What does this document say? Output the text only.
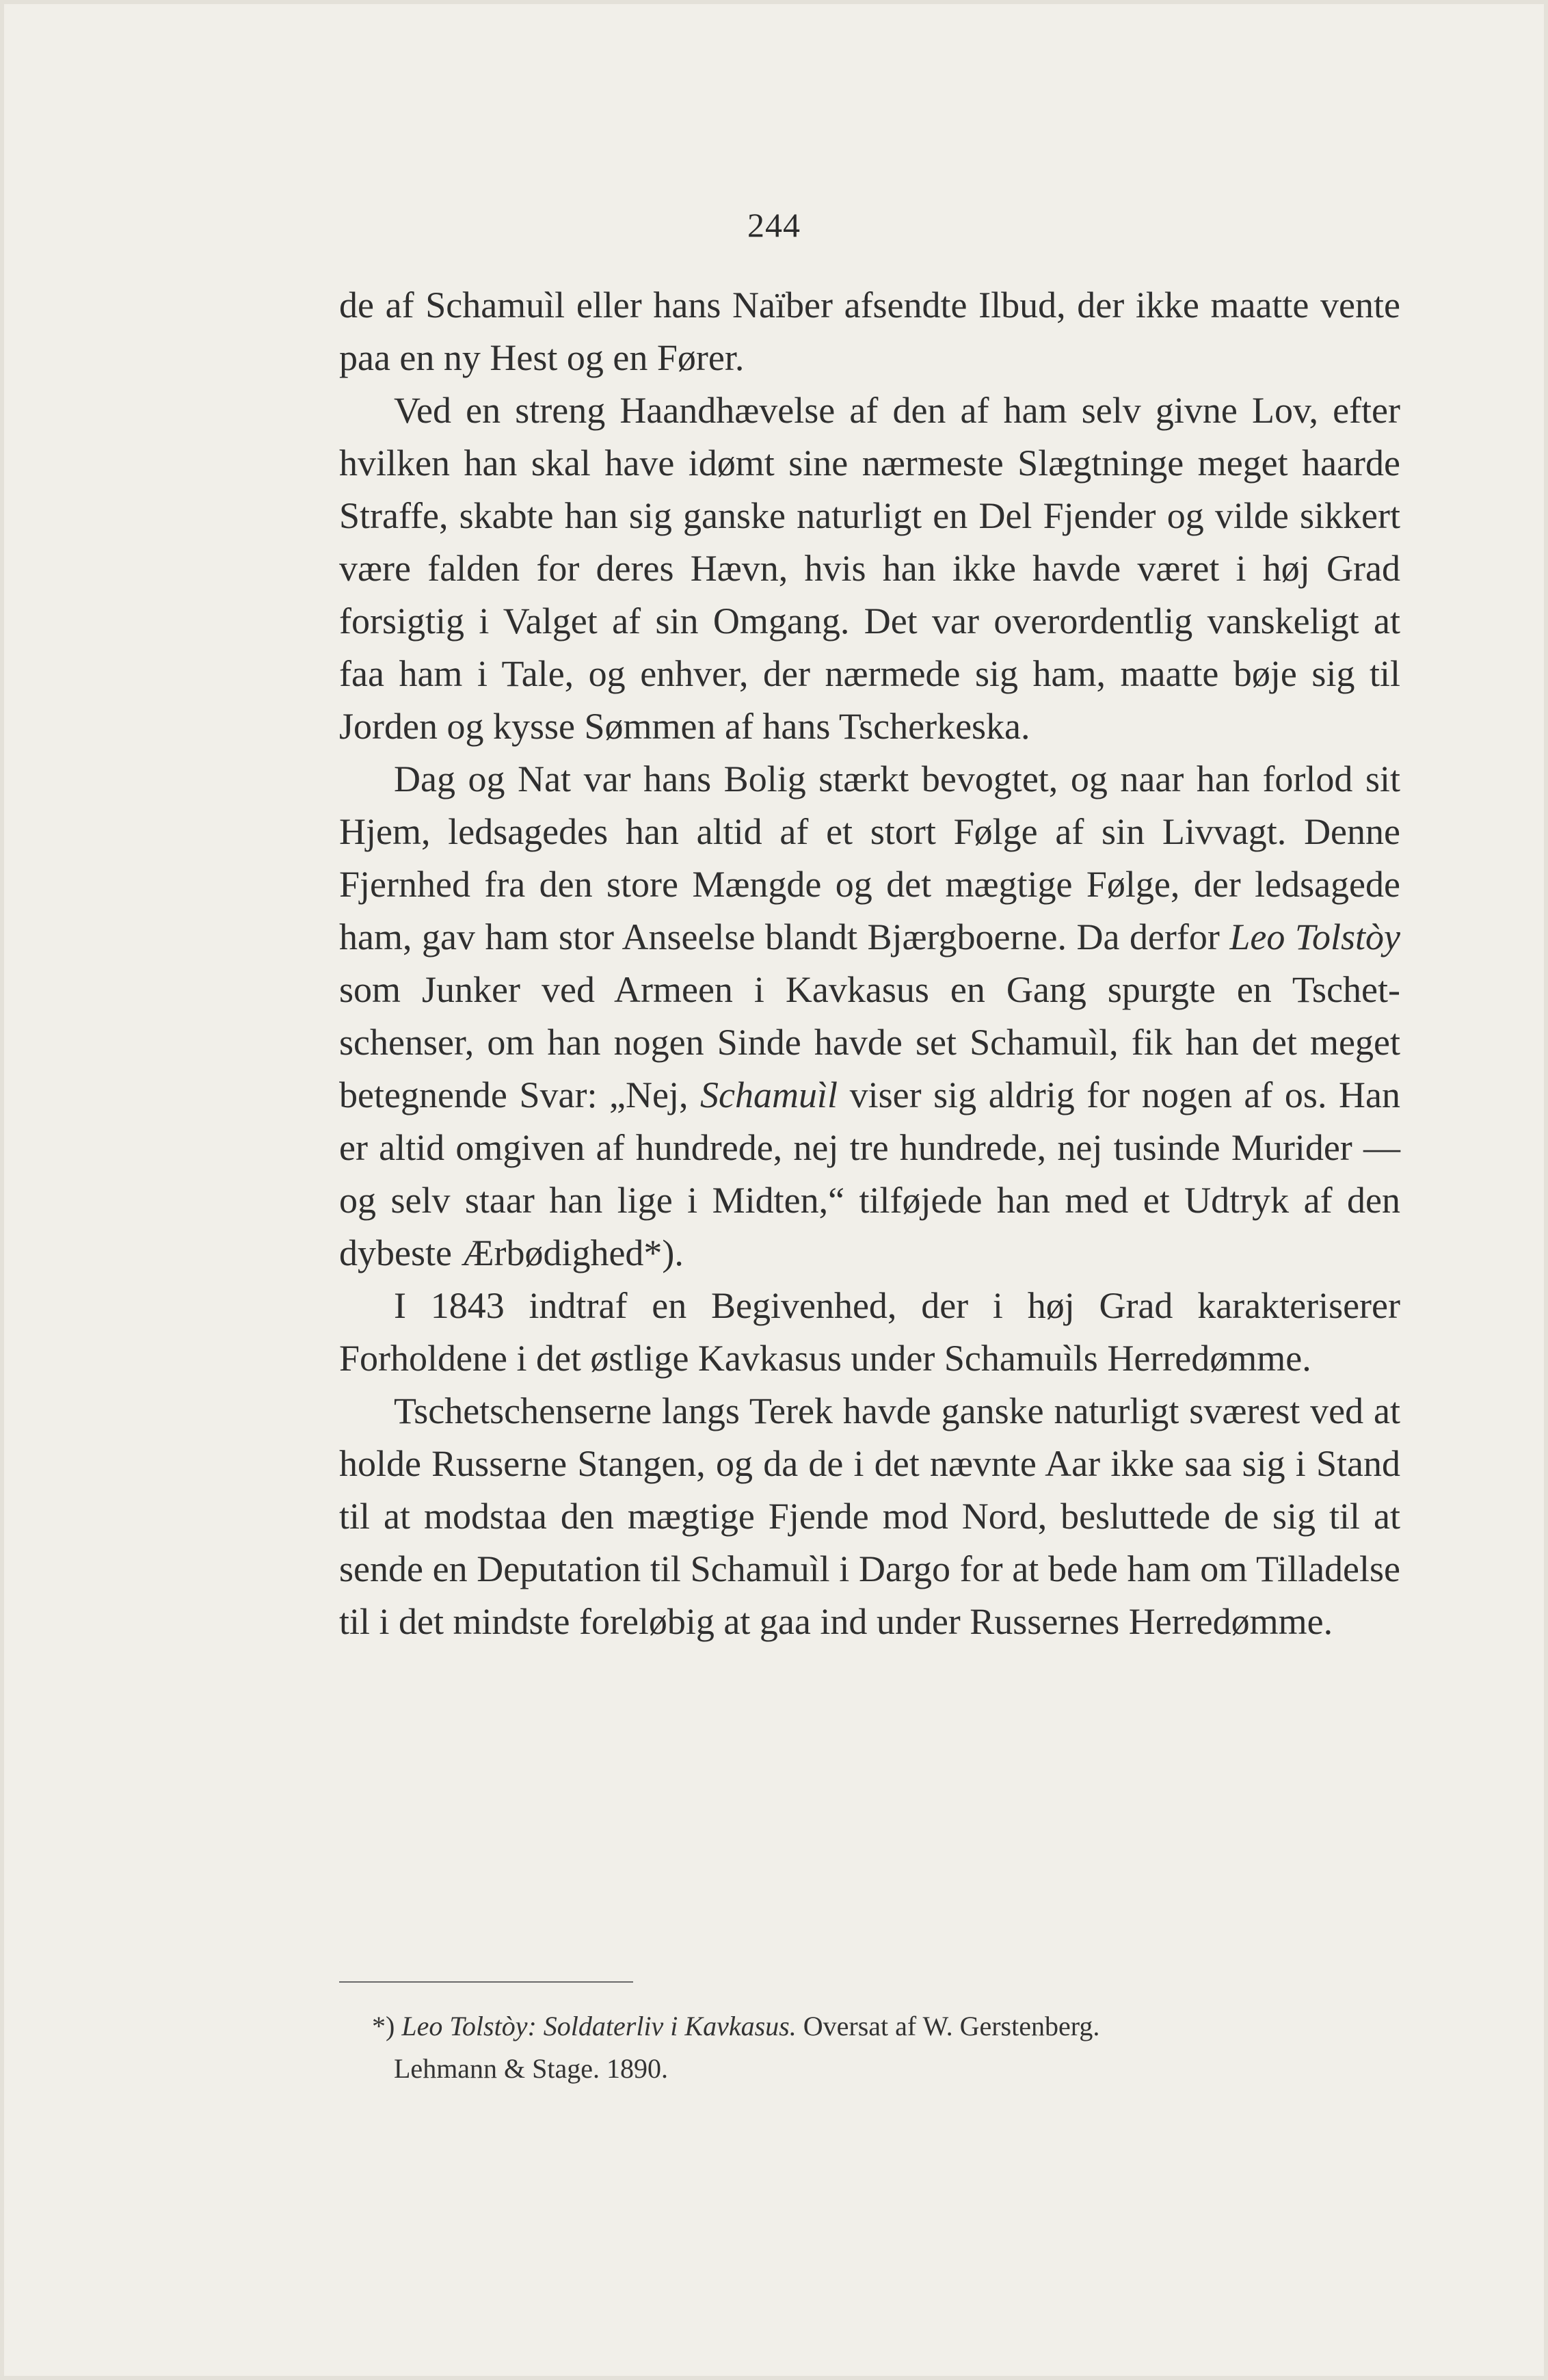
244

de af Schamuìl eller hans Naïber afsendte Ilbud, der ikke maatte vente paa en ny Hest og en Fører.

Ved en streng Haandhævelse af den af ham selv givne Lov, efter hvilken han skal have idømt sine nærmeste Slægtninge meget haarde Straffe, skabte han sig ganske naturligt en Del Fjender og vilde sikkert være falden for deres Hævn, hvis han ikke havde været i høj Grad forsigtig i Valget af sin Omgang. Det var overordentlig vanskeligt at faa ham i Tale, og enhver, der nærmede sig ham, maatte bøje sig til Jorden og kysse Sømmen af hans Tscherkeska.

Dag og Nat var hans Bolig stærkt bevogtet, og naar han forlod sit Hjem, ledsagedes han altid af et stort Følge af sin Livvagt. Denne Fjernhed fra den store Mængde og det mægtige Følge, der ledsagede ham, gav ham stor Anseelse blandt Bjærgboerne. Da derfor Leo Tolstòy som Junker ved Armeen i Kavkasus en Gang spurgte en Tschetschenser, om han nogen Sinde havde set Schamuìl, fik han det meget betegnende Svar: „Nej, Schamuìl viser sig aldrig for nogen af os. Han er altid omgiven af hundrede, nej tre hundrede, nej tusinde Murider — og selv staar han lige i Midten,“ tilføjede han med et Udtryk af den dybeste Ærbødighed*).

I 1843 indtraf en Begivenhed, der i høj Grad karakteriserer Forholdene i det østlige Kavkasus under Schamuìls Herredømme.

Tschetschenserne langs Terek havde ganske naturligt sværest ved at holde Russerne Stangen, og da de i det nævnte Aar ikke saa sig i Stand til at modstaa den mægtige Fjende mod Nord, besluttede de sig til at sende en Deputation til Schamuìl i Dargo for at bede ham om Tilladelse til i det mindste foreløbig at gaa ind under Russernes Herredømme.

*) Leo Tolstòy: Soldaterliv i Kavkasus. Oversat af W. Gerstenberg.
Lehmann & Stage. 1890.
